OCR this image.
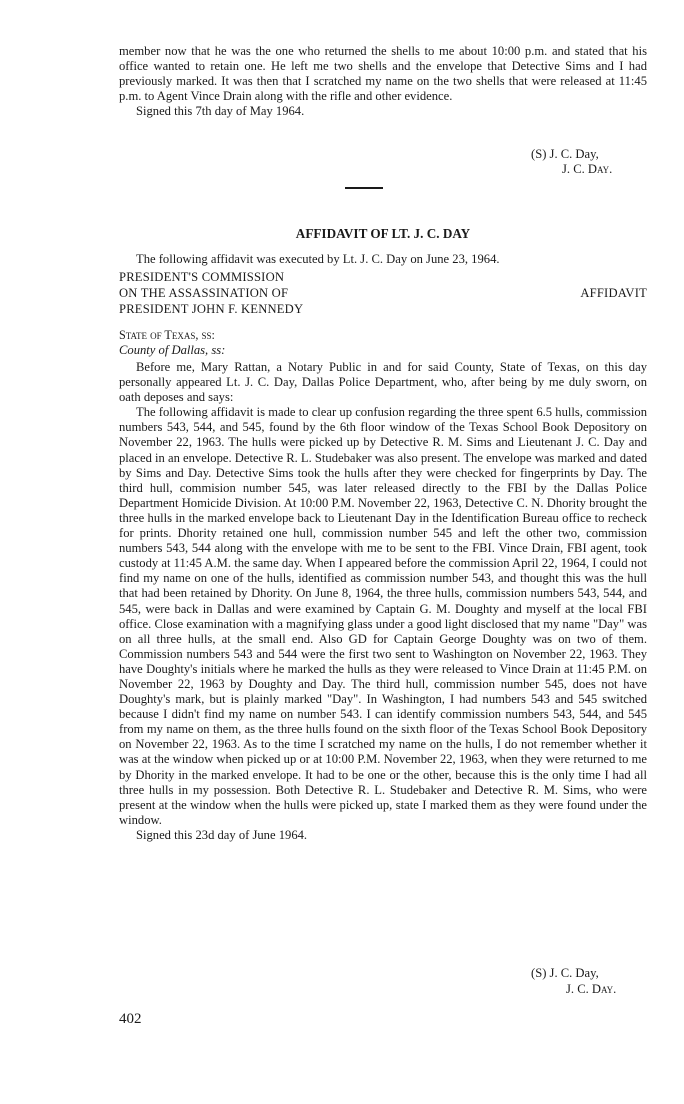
member now that he was the one who returned the shells to me about 10:00 p.m. and stated that his office wanted to retain one. He left me two shells and the envelope that Detective Sims and I had previously marked. It was then that I scratched my name on the two shells that were released at 11:45 p.m. to Agent Vince Drain along with the rifle and other evidence.

Signed this 7th day of May 1964.

(S) J. C. Day,
J. C. Day.
AFFIDAVIT OF LT. J. C. DAY

The following affidavit was executed by Lt. J. C. Day on June 23, 1964.

PRESIDENT'S COMMISSION
ON THE ASSASSINATION OF
PRESIDENT JOHN F. KENNEDY
AFFIDAVIT
State of Texas, ss:
County of Dallas, ss:

Before me, Mary Rattan, a Notary Public in and for said County, State of Texas, on this day personally appeared Lt. J. C. Day, Dallas Police Department, who, after being by me duly sworn, on oath deposes and says:

The following affidavit is made to clear up confusion regarding the three spent 6.5 hulls, commission numbers 543, 544, and 545, found by the 6th floor window of the Texas School Book Depository on November 22, 1963. The hulls were picked up by Detective R. M. Sims and Lieutenant J. C. Day and placed in an envelope. Detective R. L. Studebaker was also present. The envelope was marked and dated by Sims and Day. Detective Sims took the hulls after they were checked for fingerprints by Day. The third hull, commision number 545, was later released directly to the FBI by the Dallas Police Department Homicide Division. At 10:00 P.M. November 22, 1963, Detective C. N. Dhority brought the three hulls in the marked envelope back to Lieutenant Day in the Identification Bureau office to recheck for prints. Dhority retained one hull, commission number 545 and left the other two, commission numbers 543, 544 along with the envelope with me to be sent to the FBI. Vince Drain, FBI agent, took custody at 11:45 A.M. the same day. When I appeared before the commission April 22, 1964, I could not find my name on one of the hulls, identified as commission number 543, and thought this was the hull that had been retained by Dhority. On June 8, 1964, the three hulls, commission numbers 543, 544, and 545, were back in Dallas and were examined by Captain G. M. Doughty and myself at the local FBI office. Close examination with a magnifying glass under a good light disclosed that my name "Day" was on all three hulls, at the small end. Also GD for Captain George Doughty was on two of them. Commission numbers 543 and 544 were the first two sent to Washington on November 22, 1963. They have Doughty's initials where he marked the hulls as they were released to Vince Drain at 11:45 P.M. on November 22, 1963 by Doughty and Day. The third hull, commission number 545, does not have Doughty's mark, but is plainly marked "Day". In Washington, I had numbers 543 and 545 switched because I didn't find my name on number 543. I can identify commission numbers 543, 544, and 545 from my name on them, as the three hulls found on the sixth floor of the Texas School Book Depository on November 22, 1963. As to the time I scratched my name on the hulls, I do not remember whether it was at the window when picked up or at 10:00 P.M. November 22, 1963, when they were returned to me by Dhority in the marked envelope. It had to be one or the other, because this is the only time I had all three hulls in my possession. Both Detective R. L. Studebaker and Detective R. M. Sims, who were present at the window when the hulls were picked up, state I marked them as they were found under the window.

Signed this 23d day of June 1964.

(S) J. C. Day,
J. C. Day.
402
